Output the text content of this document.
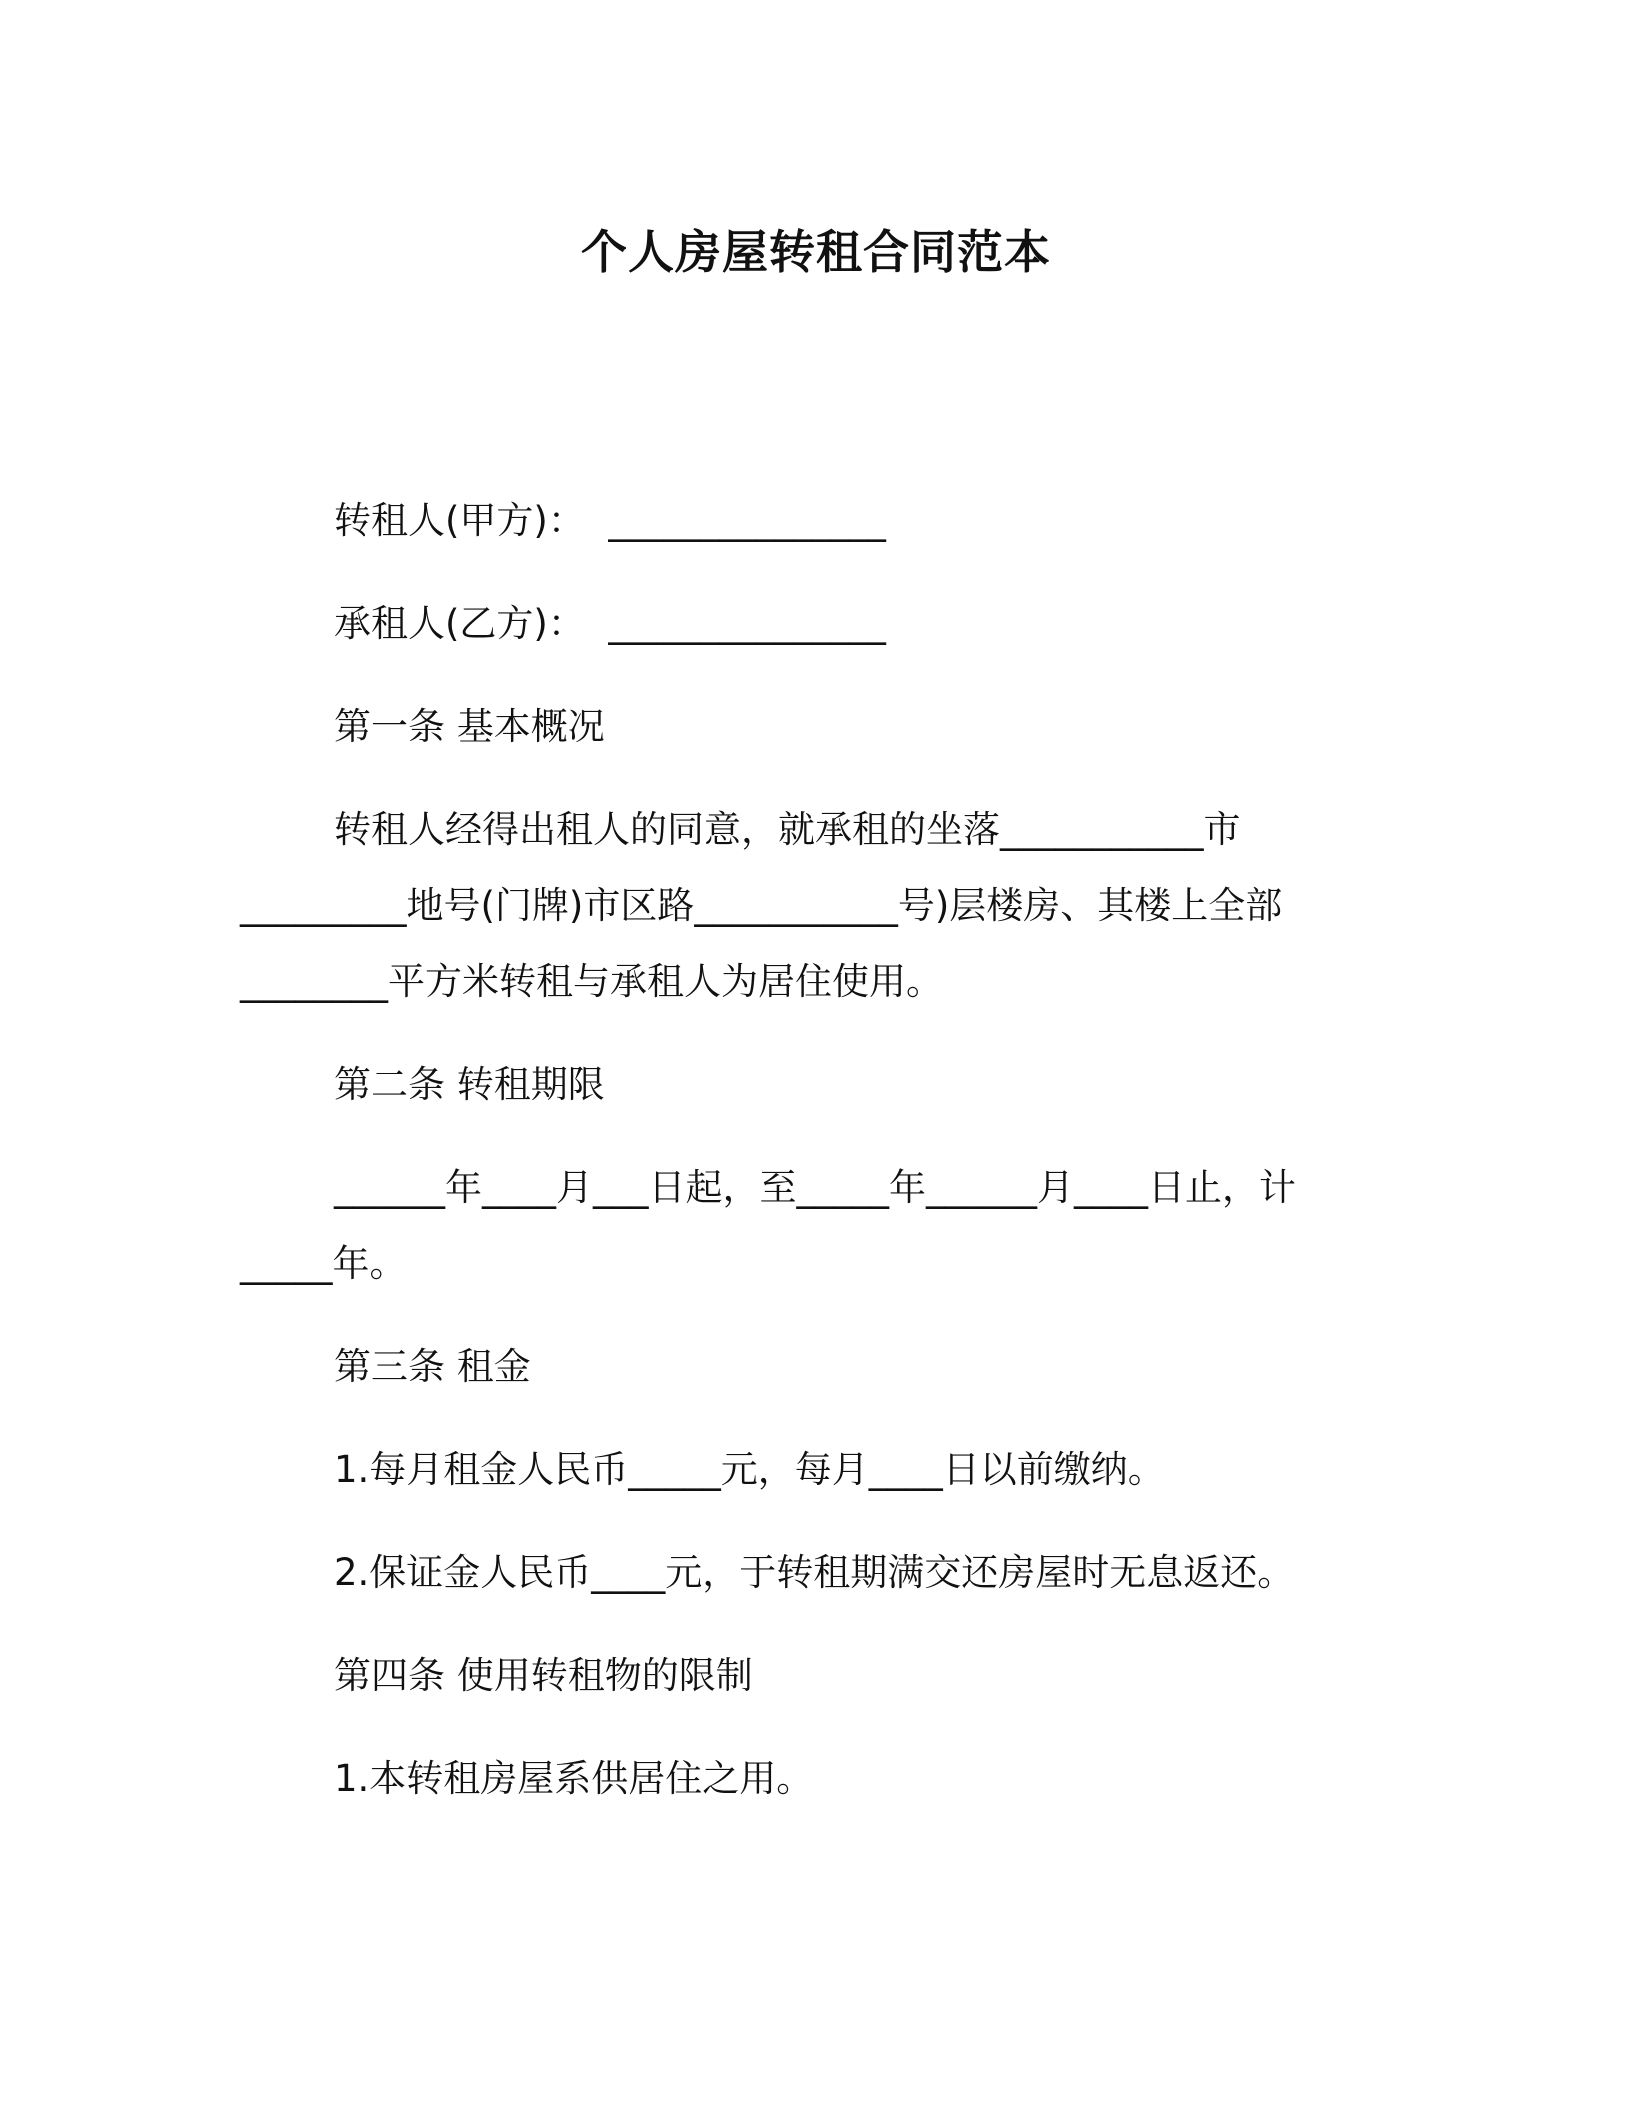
个人房屋转租合同范本
转租人(甲方)：  _______________
承租人(乙方)：  _______________
第一条 基本概况
转租人经得出租人的同意，就承租的坐落___________市
_________地号(门牌)市区路___________号)层楼房、其楼上全部
________平方米转租与承租人为居住使用。
第二条 转租期限
______年____月___日起，至_____年______月____日止，计
_____年。
第三条 租金
1.每月租金人民币_____元，每月____日以前缴纳。
2.保证金人民币____元，于转租期满交还房屋时无息返还。
第四条 使用转租物的限制
1.本转租房屋系供居住之用。
